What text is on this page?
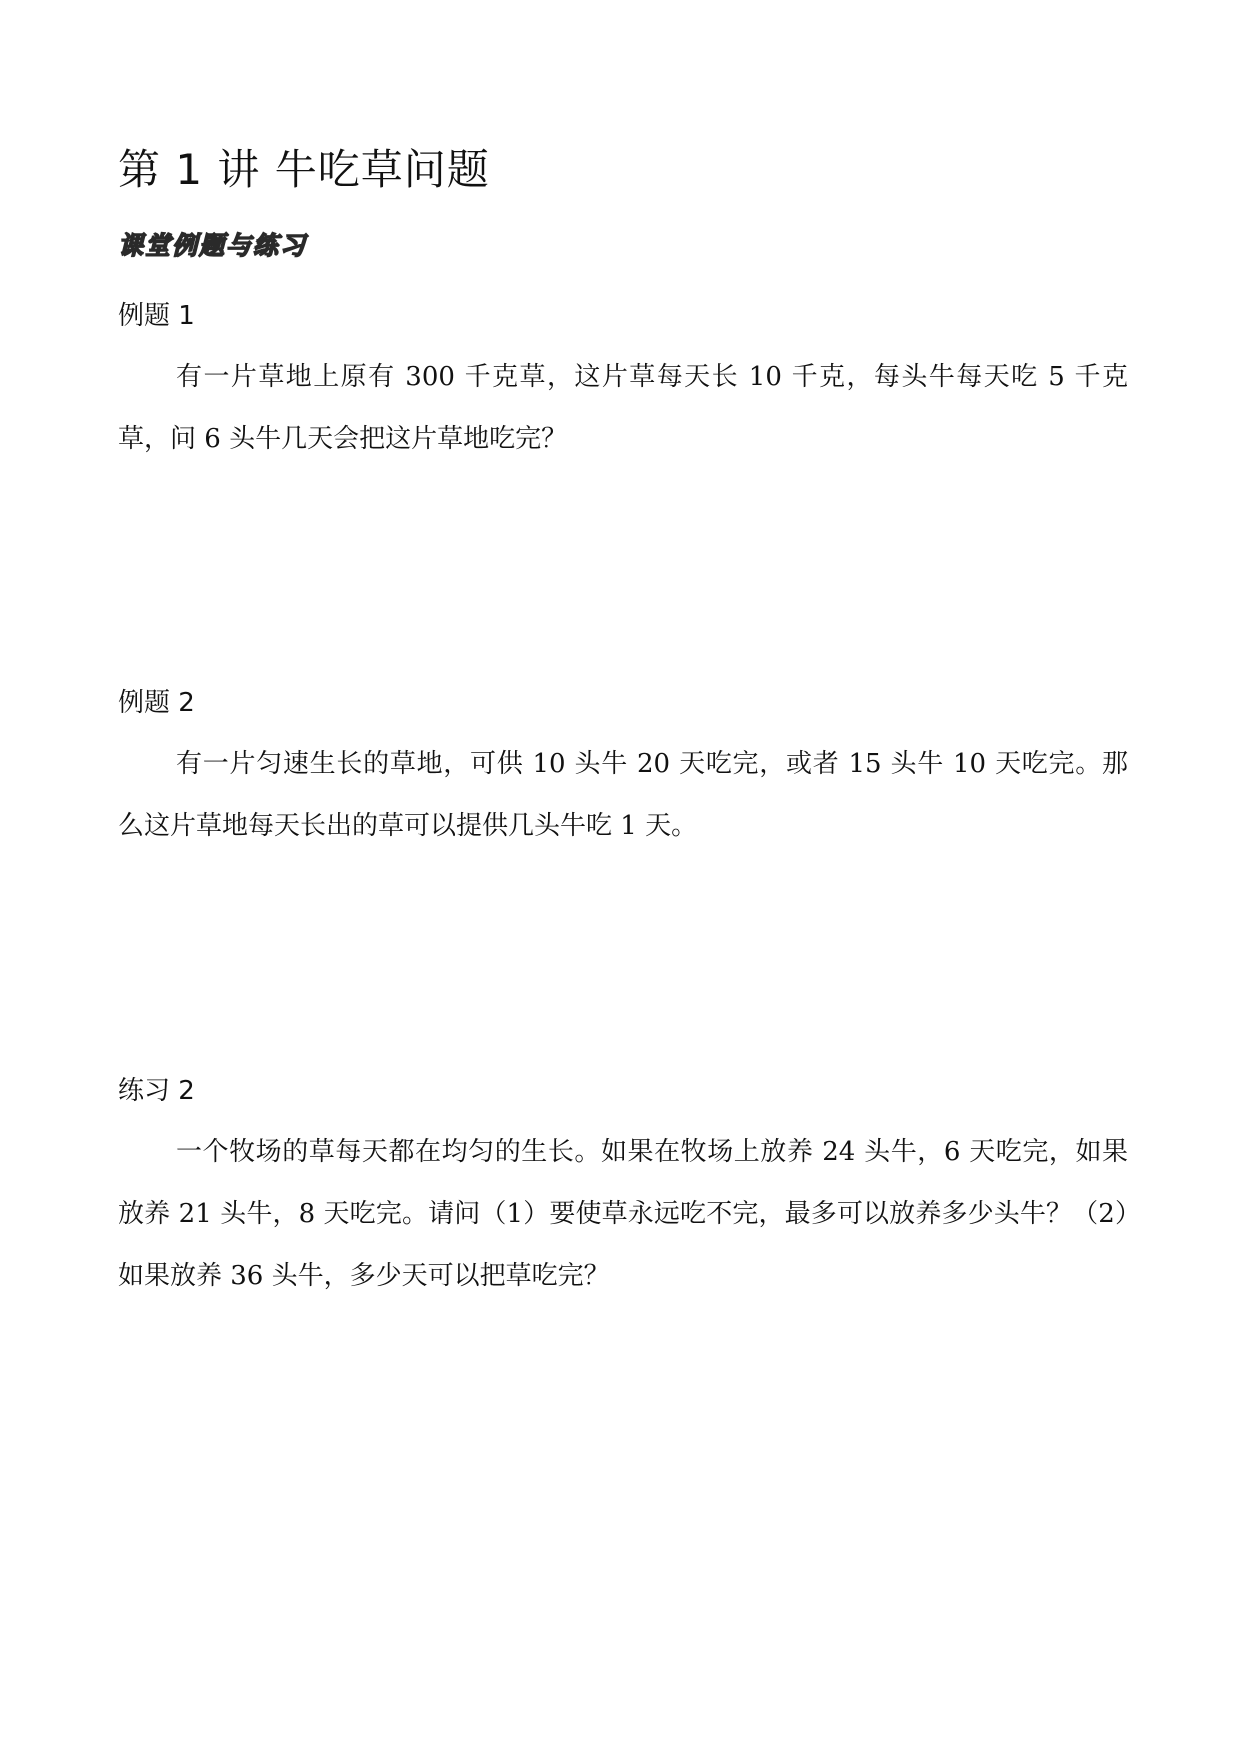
第 1 讲 牛吃草问题
课堂例题与练习
例题 1

有一片草地上原有 300 千克草，这片草每天长 10 千克，每头牛每天吃 5 千克草，问 6 头牛几天会把这片草地吃完？

例题 2

有一片匀速生长的草地，可供 10 头牛 20 天吃完，或者 15 头牛 10 天吃完。那么这片草地每天长出的草可以提供几头牛吃 1 天。

练习 2

一个牧场的草每天都在均匀的生长。如果在牧场上放养 24 头牛，6 天吃完，如果放养 21 头牛，8 天吃完。请问（1）要使草永远吃不完，最多可以放养多少头牛？（2）如果放养 36 头牛，多少天可以把草吃完？
